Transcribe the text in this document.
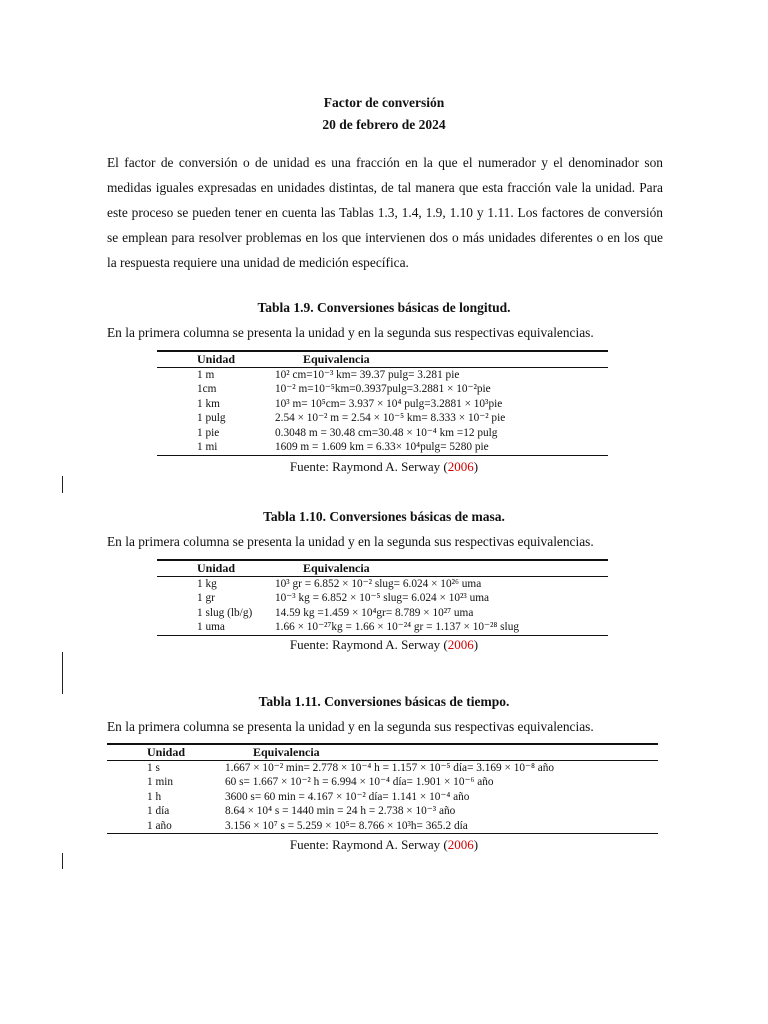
Factor de conversión
20 de febrero de 2024
El factor de conversión o de unidad es una fracción en la que el numerador y el denominador son medidas iguales expresadas en unidades distintas, de tal manera que esta fracción vale la unidad. Para este proceso se pueden tener en cuenta las Tablas 1.3, 1.4, 1.9, 1.10 y 1.11. Los factores de conversión se emplean para resolver problemas en los que intervienen dos o más unidades diferentes o en los que la respuesta requiere una unidad de medición específica.
Tabla 1.9. Conversiones básicas de longitud.
En la primera columna se presenta la unidad y en la segunda sus respectivas equivalencias.
Unidad	Equivalencia
1 m	10² cm=10⁻³ km= 39.37 pulg= 3.281 pie
1cm	10⁻² m=10⁻⁵km=0.3937pulg=3.2881 × 10⁻²pie
1 km	10³ m= 10⁵cm= 3.937 × 10⁴ pulg=3.2881 × 10³pie
1 pulg	2.54 × 10⁻² m = 2.54 × 10⁻⁵ km= 8.333 × 10⁻² pie
1 pie	0.3048 m = 30.48 cm=30.48 × 10⁻⁴ km =12 pulg
1 mi	1609 m = 1.609 km = 6.33× 10⁴pulg= 5280 pie
Fuente: Raymond A. Serway (2006)
Tabla 1.10. Conversiones básicas de masa.
En la primera columna se presenta la unidad y en la segunda sus respectivas equivalencias.
Unidad	Equivalencia
1 kg	10³ gr = 6.852 × 10⁻² slug= 6.024 × 10²⁶ uma
1 gr	10⁻³ kg = 6.852 × 10⁻⁵ slug= 6.024 × 10²³ uma
1 slug (lb/g)	14.59 kg =1.459 × 10⁴gr= 8.789 × 10²⁷ uma
1 uma	1.66 × 10⁻²⁷kg = 1.66 × 10⁻²⁴ gr = 1.137 × 10⁻²⁸ slug
Fuente: Raymond A. Serway (2006)
Tabla 1.11. Conversiones básicas de tiempo.
En la primera columna se presenta la unidad y en la segunda sus respectivas equivalencias.
Unidad	Equivalencia
1 s	1.667 × 10⁻² min= 2.778 × 10⁻⁴ h = 1.157 × 10⁻⁵ día= 3.169 × 10⁻⁸ año
1 min	60 s= 1.667 × 10⁻² h = 6.994 × 10⁻⁴ día= 1.901 × 10⁻⁶ año
1 h	3600 s= 60 min = 4.167 × 10⁻² día= 1.141 × 10⁻⁴ año
1 día	8.64 × 10⁴ s = 1440 min = 24 h = 2.738 × 10⁻³ año
1 año	3.156 × 10⁷ s = 5.259 × 10⁵= 8.766 × 10³h= 365.2 día
Fuente: Raymond A. Serway (2006)
